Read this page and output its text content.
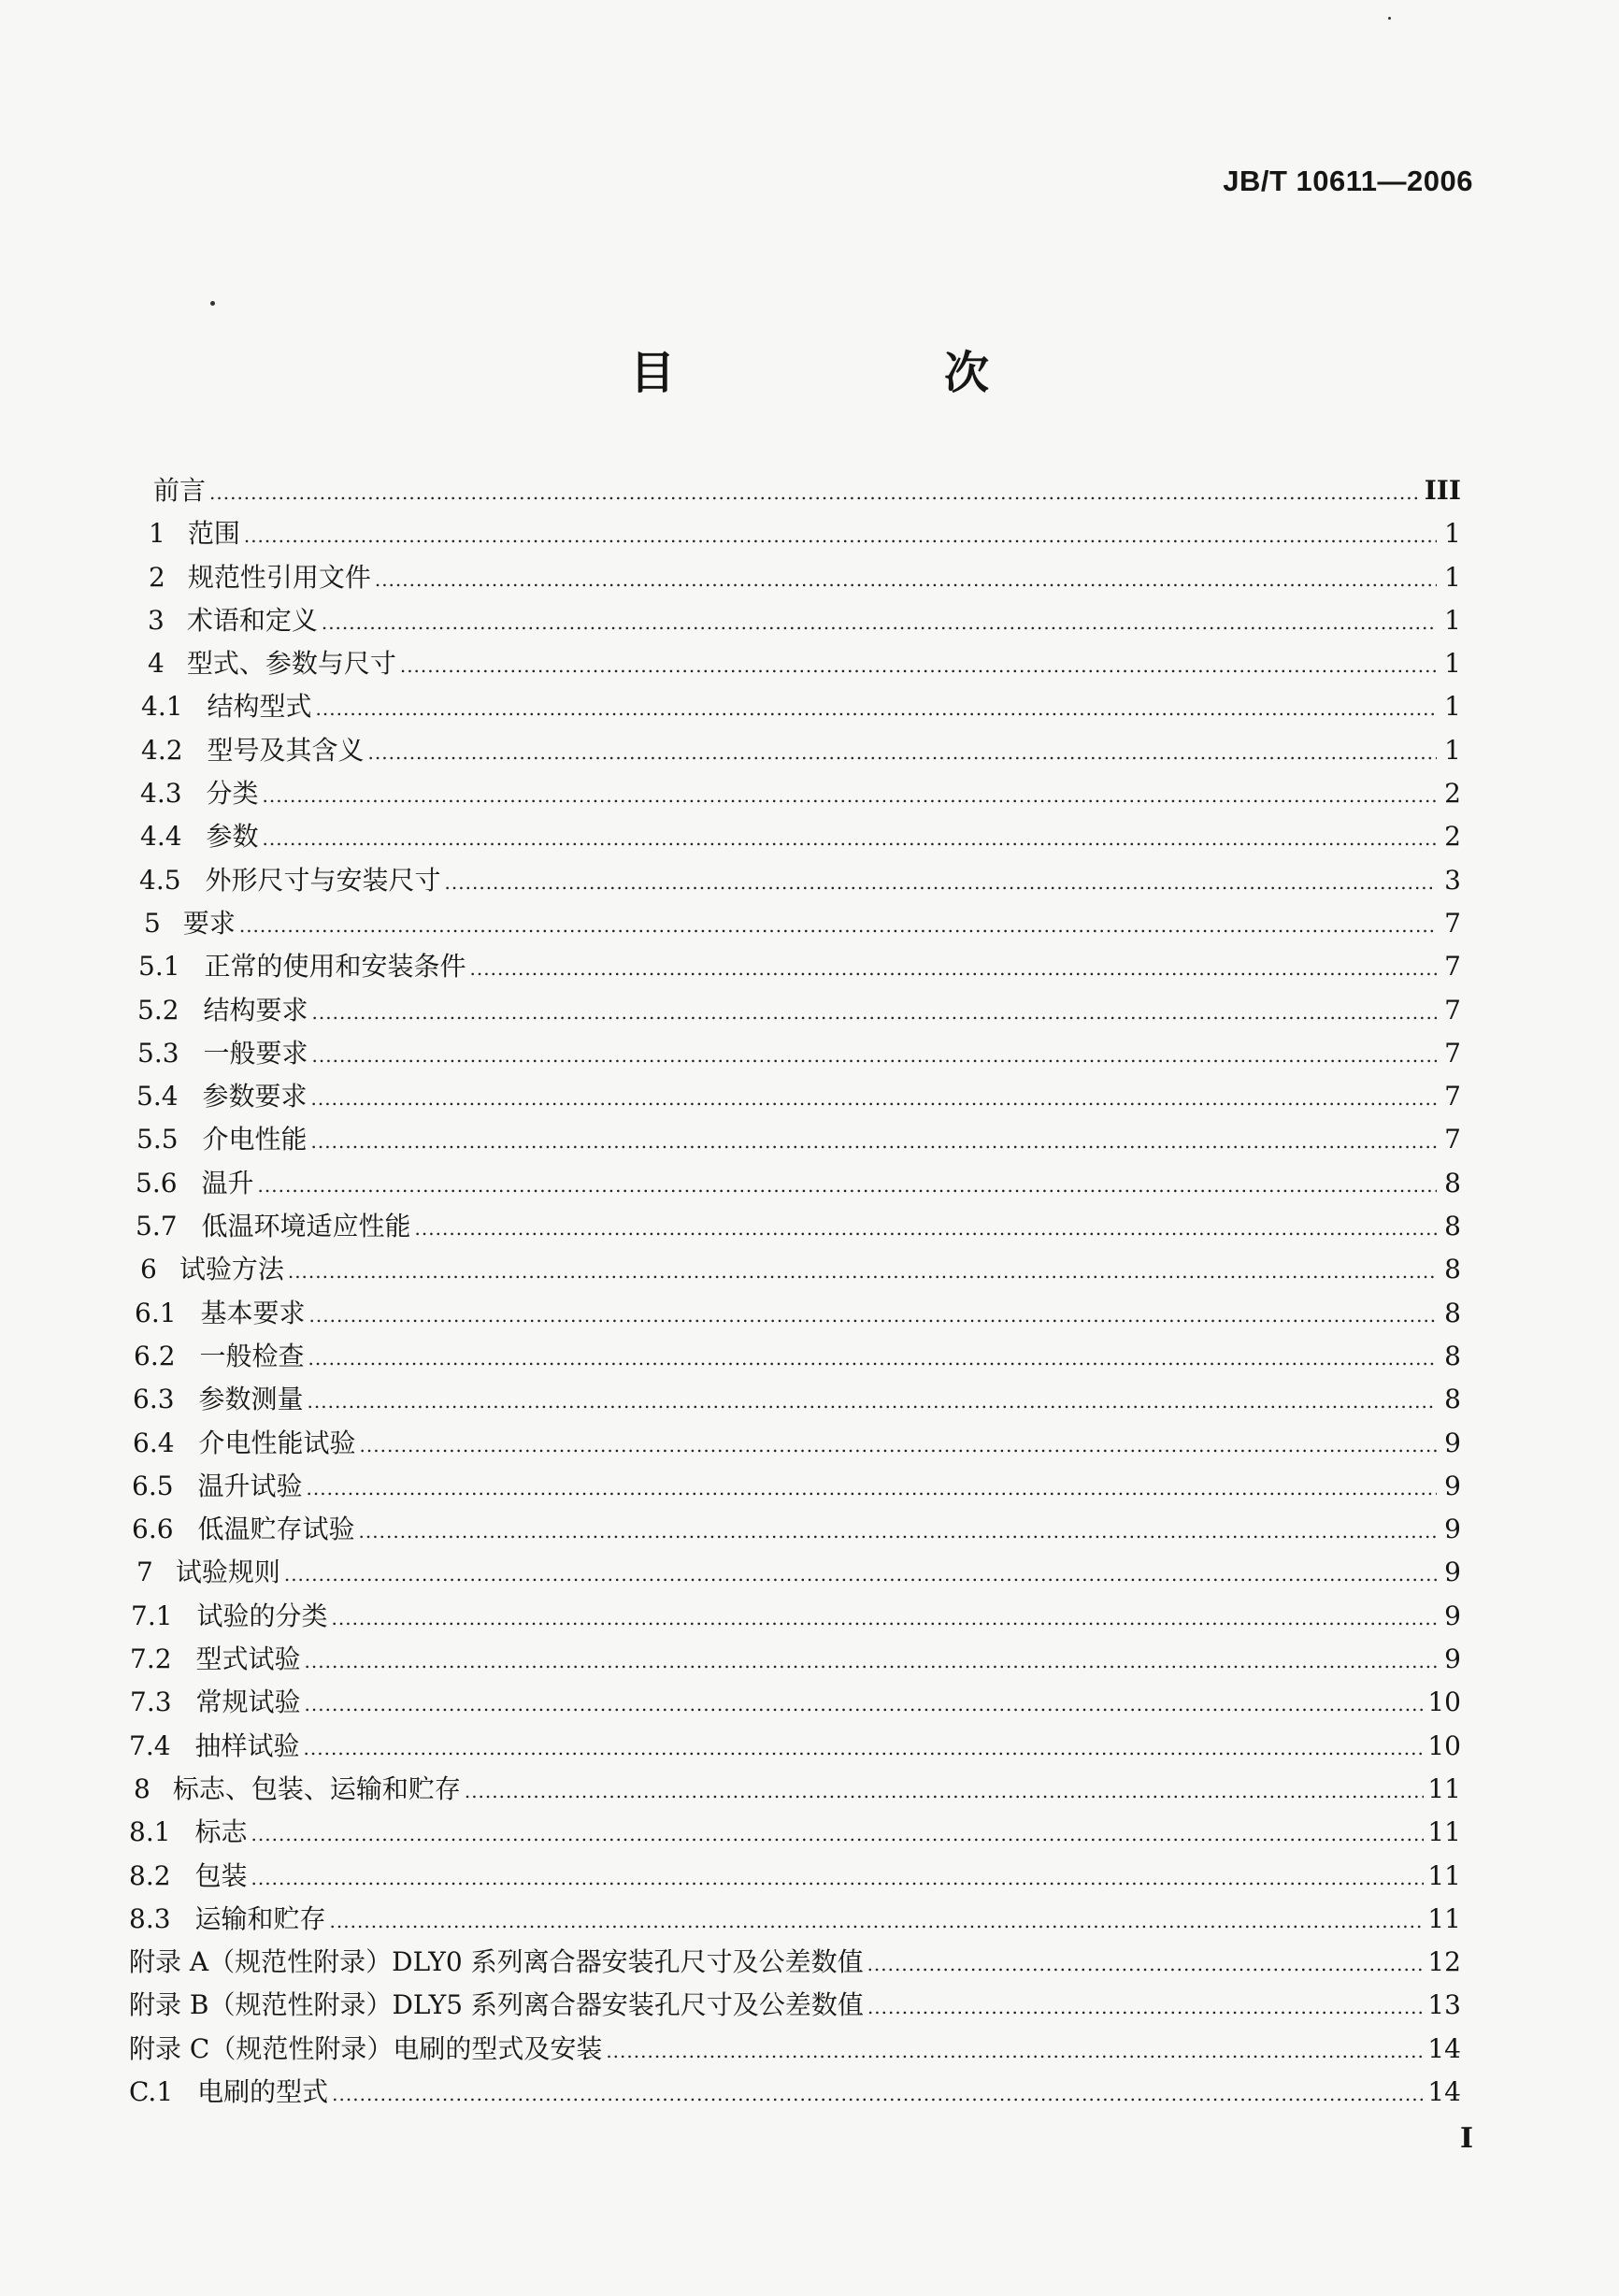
JB/T 10611—2006
目　　次
前言 .....	III
1 范围 .....	1
2 规范性引用文件 .....	1
3 术语和定义 .....	1
4 型式、参数与尺寸 .....	1
4.1 结构型式 .....	1
4.2 型号及其含义 .....	1
4.3 分类 .....	2
4.4 参数 .....	2
4.5 外形尺寸与安装尺寸 .....	3
5 要求 .....	7
5.1 正常的使用和安装条件 .....	7
5.2 结构要求 .....	7
5.3 一般要求 .....	7
5.4 参数要求 .....	7
5.5 介电性能 .....	7
5.6 温升 .....	8
5.7 低温环境适应性能 .....	8
6 试验方法 .....	8
6.1 基本要求 .....	8
6.2 一般检查 .....	8
6.3 参数测量 .....	8
6.4 介电性能试验 .....	9
6.5 温升试验 .....	9
6.6 低温贮存试验 .....	9
7 试验规则 .....	9
7.1 试验的分类 .....	9
7.2 型式试验 .....	9
7.3 常规试验 .....	10
7.4 抽样试验 .....	10
8 标志、包装、运输和贮存 .....	11
8.1 标志 .....	11
8.2 包装 .....	11
8.3 运输和贮存 .....	11
附录 A（规范性附录）DLY0 系列离合器安装孔尺寸及公差数值 .....	12
附录 B（规范性附录）DLY5 系列离合器安装孔尺寸及公差数值 .....	13
附录 C（规范性附录）电刷的型式及安装 .....	14
C.1 电刷的型式 .....	14
I
